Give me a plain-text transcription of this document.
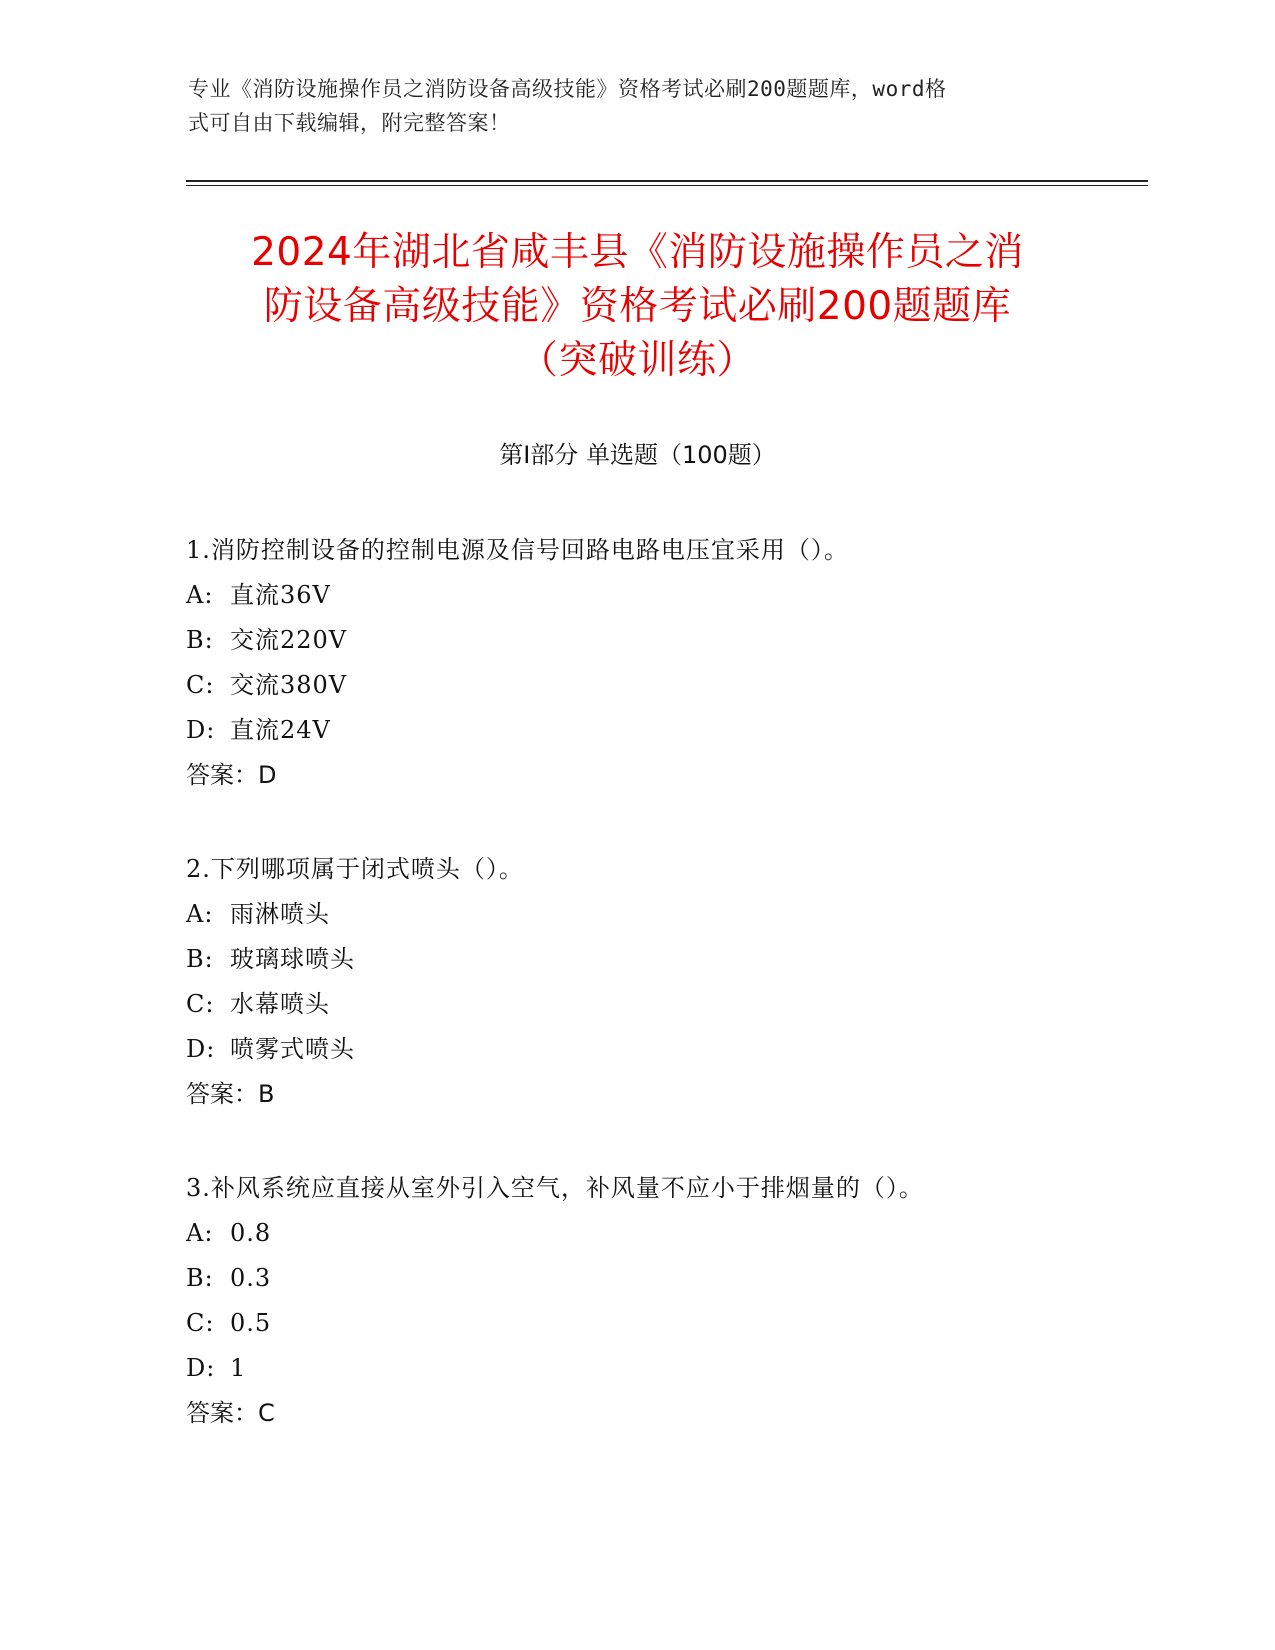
专业《消防设施操作员之消防设备高级技能》资格考试必刷200题题库，word格
式可自由下载编辑，附完整答案！
2024年湖北省咸丰县《消防设施操作员之消
防设备高级技能》资格考试必刷200题题库
（突破训练）
第Ⅰ部分 单选题（100题）
1.消防控制设备的控制电源及信号回路电路电压宜采用（）。
A: 直流36V
B: 交流220V
C: 交流380V
D: 直流24V
答案：D
2.下列哪项属于闭式喷头（）。
A: 雨淋喷头
B: 玻璃球喷头
C: 水幕喷头
D: 喷雾式喷头
答案：B
3.补风系统应直接从室外引入空气，补风量不应小于排烟量的（）。
A: 0.8
B: 0.3
C: 0.5
D: 1
答案：C
